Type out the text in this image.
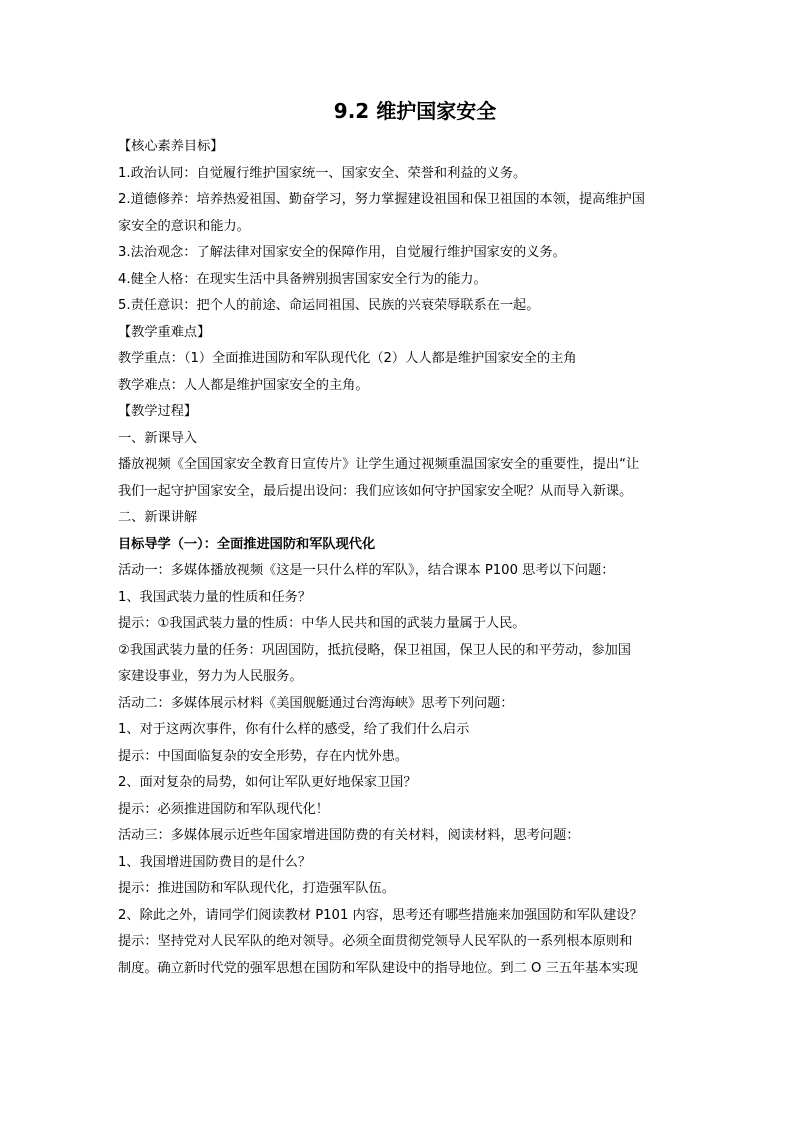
9.2 维护国家安全
【核心素养目标】
1.政治认同：自觉履行维护国家统一、国家安全、荣誉和利益的义务。
2.道德修养：培养热爱祖国、勤奋学习，努力掌握建设祖国和保卫祖国的本领，提高维护国
家安全的意识和能力。
3.法治观念：了解法律对国家安全的保障作用，自觉履行维护国家安的义务。
4.健全人格：在现实生活中具备辨别损害国家安全行为的能力。
5.责任意识：把个人的前途、命运同祖国、民族的兴衰荣辱联系在一起。
【教学重难点】
教学重点：（1）全面推进国防和军队现代化（2）人人都是维护国家安全的主角
教学难点：人人都是维护国家安全的主角。
【教学过程】
一、新课导入
播放视频《全国国家安全教育日宣传片》让学生通过视频重温国家安全的重要性，提出“让
我们一起守护国家安全，最后提出设问：我们应该如何守护国家安全呢？从而导入新课。
二、新课讲解
目标导学（一）：全面推进国防和军队现代化
活动一：多媒体播放视频《这是一只什么样的军队》，结合课本 P100 思考以下问题：
1、我国武装力量的性质和任务？
提示：①我国武装力量的性质：中华人民共和国的武装力量属于人民。
②我国武装力量的任务：巩固国防，抵抗侵略，保卫祖国，保卫人民的和平劳动，参加国
家建设事业，努力为人民服务。
活动二：多媒体展示材料《美国舰艇通过台湾海峡》思考下列问题：
1、对于这两次事件，你有什么样的感受，给了我们什么启示
提示：中国面临复杂的安全形势，存在内忧外患。
2、面对复杂的局势，如何让军队更好地保家卫国？
提示：必须推进国防和军队现代化！
活动三：多媒体展示近些年国家增进国防费的有关材料，阅读材料，思考问题：
1、我国增进国防费目的是什么？
提示：推进国防和军队现代化，打造强军队伍。
2、除此之外，请同学们阅读教材 P101 内容，思考还有哪些措施来加强国防和军队建设？
提示：坚持党对人民军队的绝对领导。必须全面贯彻党领导人民军队的一系列根本原则和
制度。确立新时代党的强军思想在国防和军队建设中的指导地位。到二 O 三五年基本实现
